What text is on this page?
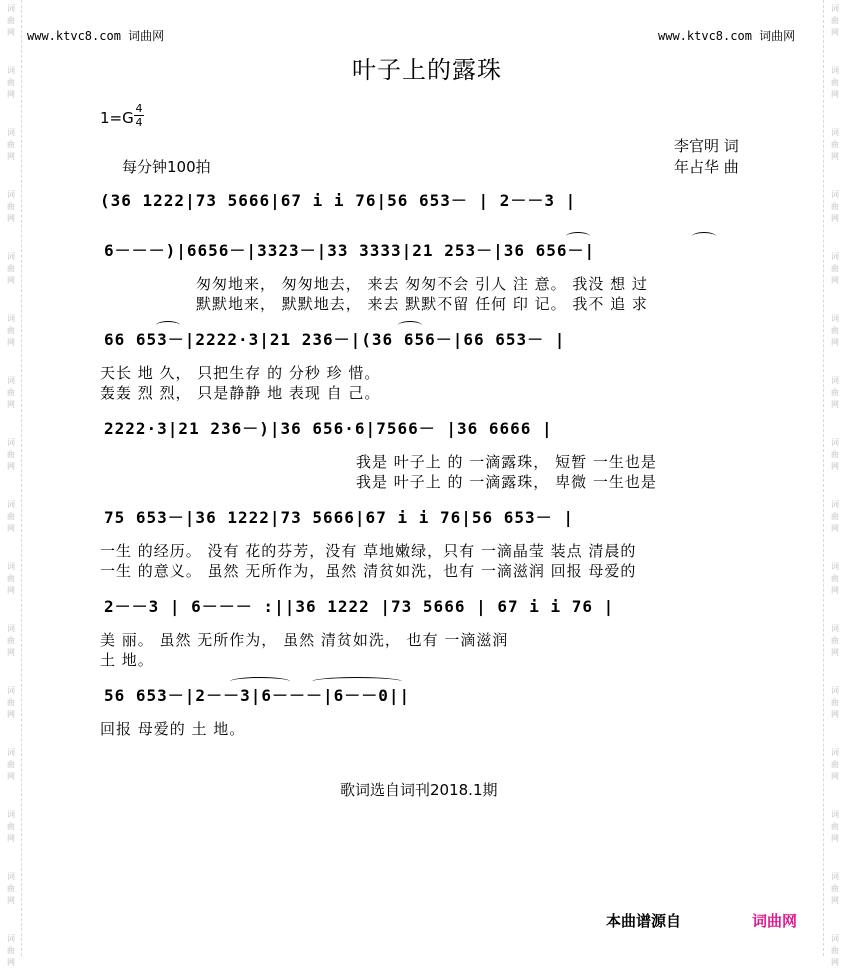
词
曲
网
词
曲
网
词
曲
网
词
曲
网
词
曲
网
词
曲
网
词
曲
网
词
曲
网
词
曲
网
词
曲
网
词
曲
网
词
曲
网
词
曲
网
词
曲
网
词
曲
网
词
曲
网
词
曲
网
词
曲
网
词
曲
网
词
曲
网
词
曲
网
词
曲
网
词
曲
网
词
曲
网
词
曲
网
词
曲
网
词
曲
网
词
曲
网
词
曲
网
词
曲
网
词
曲
网
词
曲
网
www.ktvc8.com 词曲网	www.ktvc8.com 词曲网
叶子上的露珠
1=G
4
4
李官明 词
年占华 曲
每分钟100拍
(36 1222|73 5666|67 i i 76|56 653－ | 2－－3 |
6－－－)|6656－|3323－|33 3333|21 253－|36 656－|
匆匆地来， 匆匆地去， 来去 匆匆不会 引人 注 意。 我没 想 过
默默地来， 默默地去， 来去 默默不留 任何 印 记。 我不 追 求
66 653－|2222·3|21 236－|(36 656－|66 653－ |
天长 地 久， 只把生存 的 分秒 珍 惜。
轰轰 烈 烈， 只是静静 地 表现 自 己。
2222·3|21 236－)|36 656·6|7566－ |36 6666 |
我是 叶子上 的 一滴露珠， 短暂 一生也是
我是 叶子上 的 一滴露珠， 卑微 一生也是
75 653－|36 1222|73 5666|67 i i 76|56 653－ |
一生 的经历。 没有 花的芬芳，没有 草地嫩绿，只有 一滴晶莹 装点 清晨的
一生 的意义。 虽然 无所作为，虽然 清贫如洗，也有 一滴滋润 回报 母爱的
2－－3 | 6－－－ :||36 1222 |73 5666 | 67 i i 76 |
美 丽。 虽然 无所作为， 虽然 清贫如洗， 也有 一滴滋润
土 地。
56 653－|2－－3|6－－－|6－－0||
回报 母爱的 土 地。
歌词选自词刊2018.1期
本曲谱源自	词曲网
